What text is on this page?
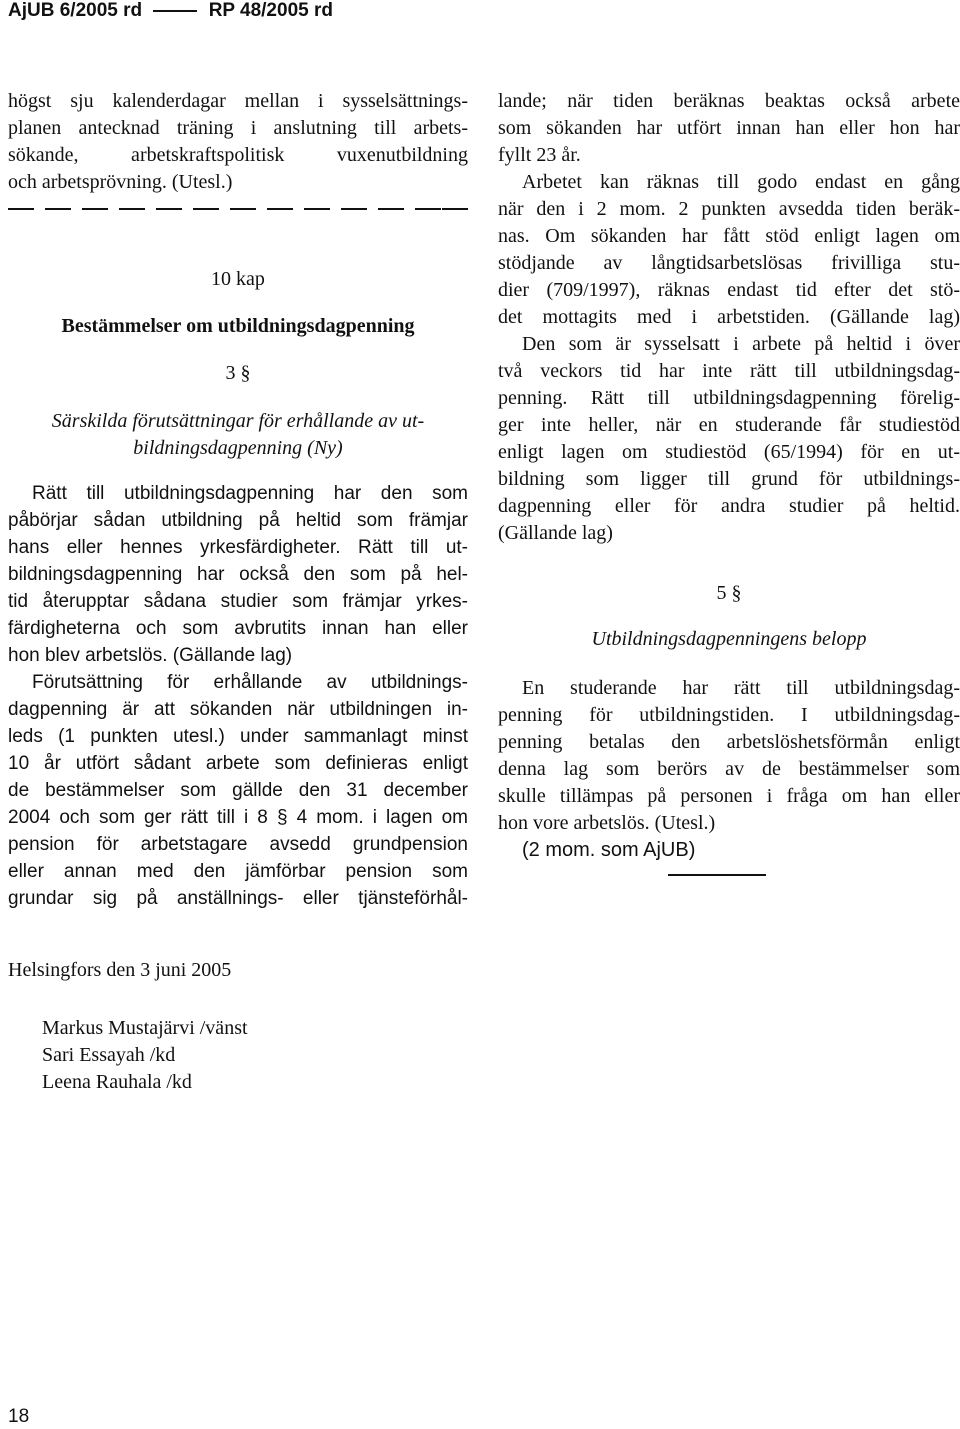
AjUB 6/2005 rd	RP 48/2005 rd
högst sju kalenderdagar mellan i sysselsättnings-
planen antecknad träning i anslutning till arbets-
sökande, arbetskraftspolitisk vuxenutbildning
och arbetsprövning. (Utesl.)
10 kap
Bestämmelser om utbildningsdagpenning
3 §
Särskilda förutsättningar för erhållande av ut-
bildningsdagpenning (Ny)
Rätt till utbildningsdagpenning har den som
påbörjar sådan utbildning på heltid som främjar
hans eller hennes yrkesfärdigheter. Rätt till ut-
bildningsdagpenning har också den som på hel-
tid återupptar sådana studier som främjar yrkes-
färdigheterna och som avbrutits innan han eller
hon blev arbetslös. (Gällande lag)
Förutsättning för erhållande av utbildnings-
dagpenning är att sökanden när utbildningen in-
leds (1 punkten utesl.) under sammanlagt minst
10 år utfört sådant arbete som definieras enligt
de bestämmelser som gällde den 31 december
2004 och som ger rätt till i 8 § 4 mom. i lagen om
pension för arbetstagare avsedd grundpension
eller annan med den jämförbar pension som
grundar sig på anställnings- eller tjänsteförhål-
lande; när tiden beräknas beaktas också arbete
som sökanden har utfört innan han eller hon har
fyllt 23 år.
Arbetet kan räknas till godo endast en gång
när den i 2 mom. 2 punkten avsedda tiden beräk-
nas. Om sökanden har fått stöd enligt lagen om
stödjande av långtidsarbetslösas frivilliga stu-
dier (709/1997), räknas endast tid efter det stö-
det mottagits med i arbetstiden. (Gällande lag)
Den som är sysselsatt i arbete på heltid i över
två veckors tid har inte rätt till utbildningsdag-
penning. Rätt till utbildningsdagpenning förelig-
ger inte heller, när en studerande får studiestöd
enligt lagen om studiestöd (65/1994) för en ut-
bildning som ligger till grund för utbildnings-
dagpenning eller för andra studier på heltid.
(Gällande lag)
5 §
Utbildningsdagpenningens belopp
En studerande har rätt till utbildningsdag-
penning för utbildningstiden. I utbildningsdag-
penning betalas den arbetslöshetsförmån enligt
denna lag som berörs av de bestämmelser som
skulle tillämpas på personen i fråga om han eller
hon vore arbetslös. (Utesl.)
(2 mom. som AjUB)
Helsingfors den 3 juni 2005
Markus Mustajärvi /vänst
Sari Essayah /kd
Leena Rauhala /kd
18
